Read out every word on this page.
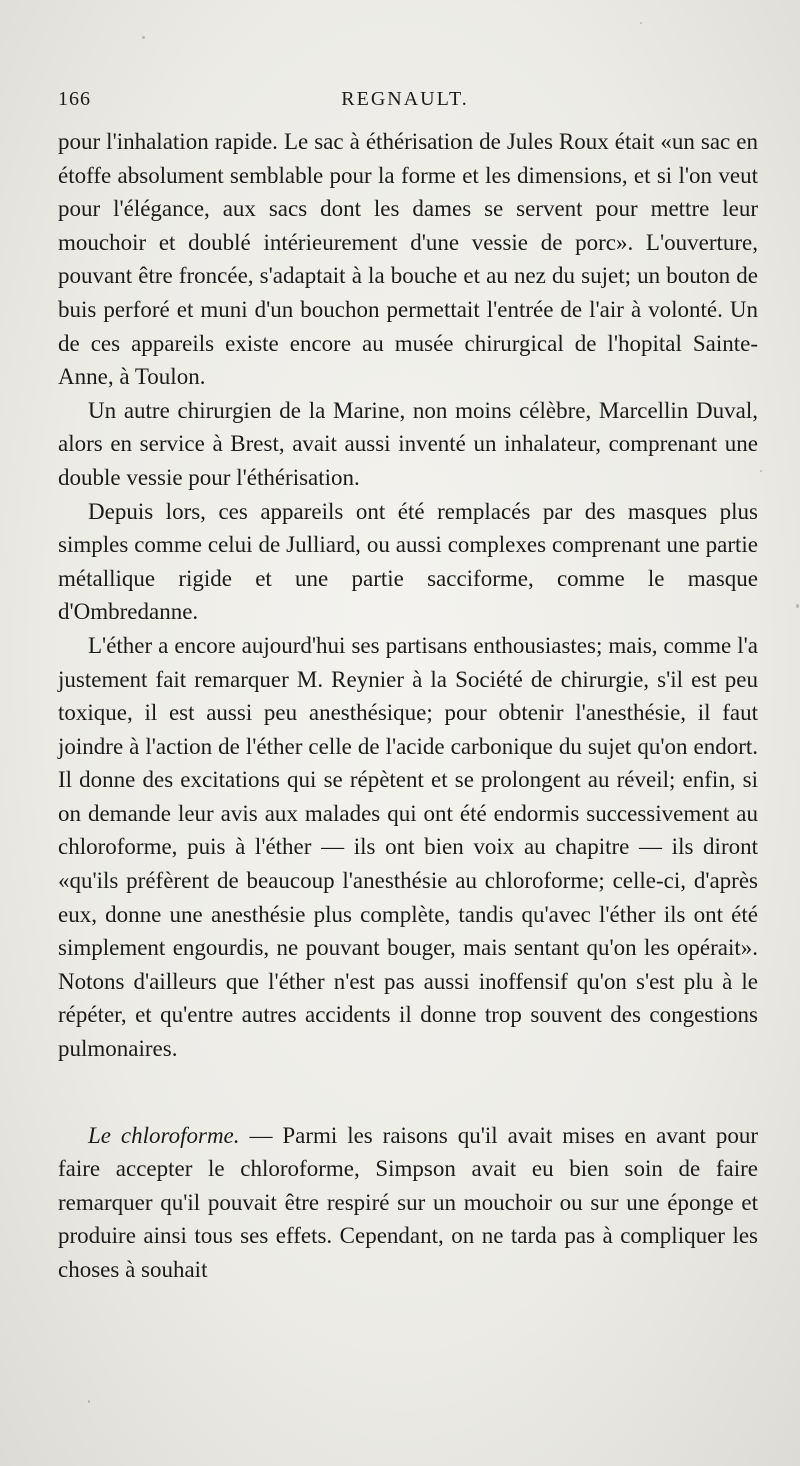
166	REGNAULT.

pour l'inhalation rapide. Le sac à éthérisation de Jules Roux était «un sac en étoffe absolument semblable pour la forme et les dimensions, et si l'on veut pour l'élégance, aux sacs dont les dames se servent pour mettre leur mouchoir et doublé intérieurement d'une vessie de porc». L'ouverture, pouvant être froncée, s'adaptait à la bouche et au nez du sujet; un bouton de buis perforé et muni d'un bouchon permettait l'entrée de l'air à volonté. Un de ces appareils existe encore au musée chirurgical de l'hopital Sainte-Anne, à Toulon.

Un autre chirurgien de la Marine, non moins célèbre, Marcellin Duval, alors en service à Brest, avait aussi inventé un inhalateur, comprenant une double vessie pour l'éthérisation.

Depuis lors, ces appareils ont été remplacés par des masques plus simples comme celui de Julliard, ou aussi complexes comprenant une partie métallique rigide et une partie sacciforme, comme le masque d'Ombredanne.

L'éther a encore aujourd'hui ses partisans enthousiastes; mais, comme l'a justement fait remarquer M. Reynier à la Société de chirurgie, s'il est peu toxique, il est aussi peu anesthésique; pour obtenir l'anesthésie, il faut joindre à l'action de l'éther celle de l'acide carbonique du sujet qu'on endort. Il donne des excitations qui se répètent et se prolongent au réveil; enfin, si on demande leur avis aux malades qui ont été endormis successivement au chloroforme, puis à l'éther — ils ont bien voix au chapitre — ils diront «qu'ils préfèrent de beaucoup l'anesthésie au chloroforme; celle-ci, d'après eux, donne une anesthésie plus complète, tandis qu'avec l'éther ils ont été simplement engourdis, ne pouvant bouger, mais sentant qu'on les opérait». Notons d'ailleurs que l'éther n'est pas aussi inoffensif qu'on s'est plu à le répéter, et qu'entre autres accidents il donne trop souvent des congestions pulmonaires.

Le chloroforme. — Parmi les raisons qu'il avait mises en avant pour faire accepter le chloroforme, Simpson avait eu bien soin de faire remarquer qu'il pouvait être respiré sur un mouchoir ou sur une éponge et produire ainsi tous ses effets. Cependant, on ne tarda pas à compliquer les choses à souhait
